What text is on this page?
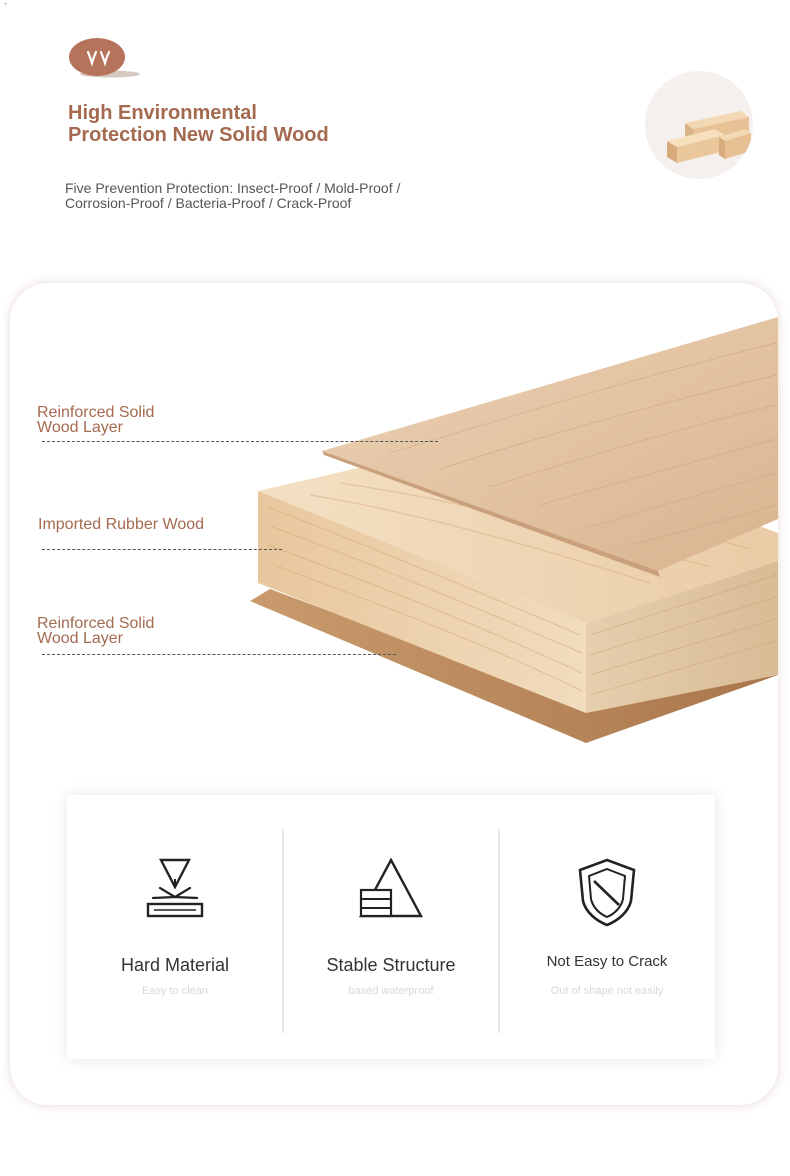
`
High Environmental
Protection New Solid Wood
Five Prevention Protection: Insect-Proof / Mold-Proof /
Corrosion-Proof / Bacteria-Proof / Crack-Proof
Reinforced Solid
Wood Layer
Imported Rubber Wood
Reinforced Solid
Wood Layer
Hard Material
Easy to clean
Stable Structure
based waterproof
Not Easy to Crack
Out of shape not easily
